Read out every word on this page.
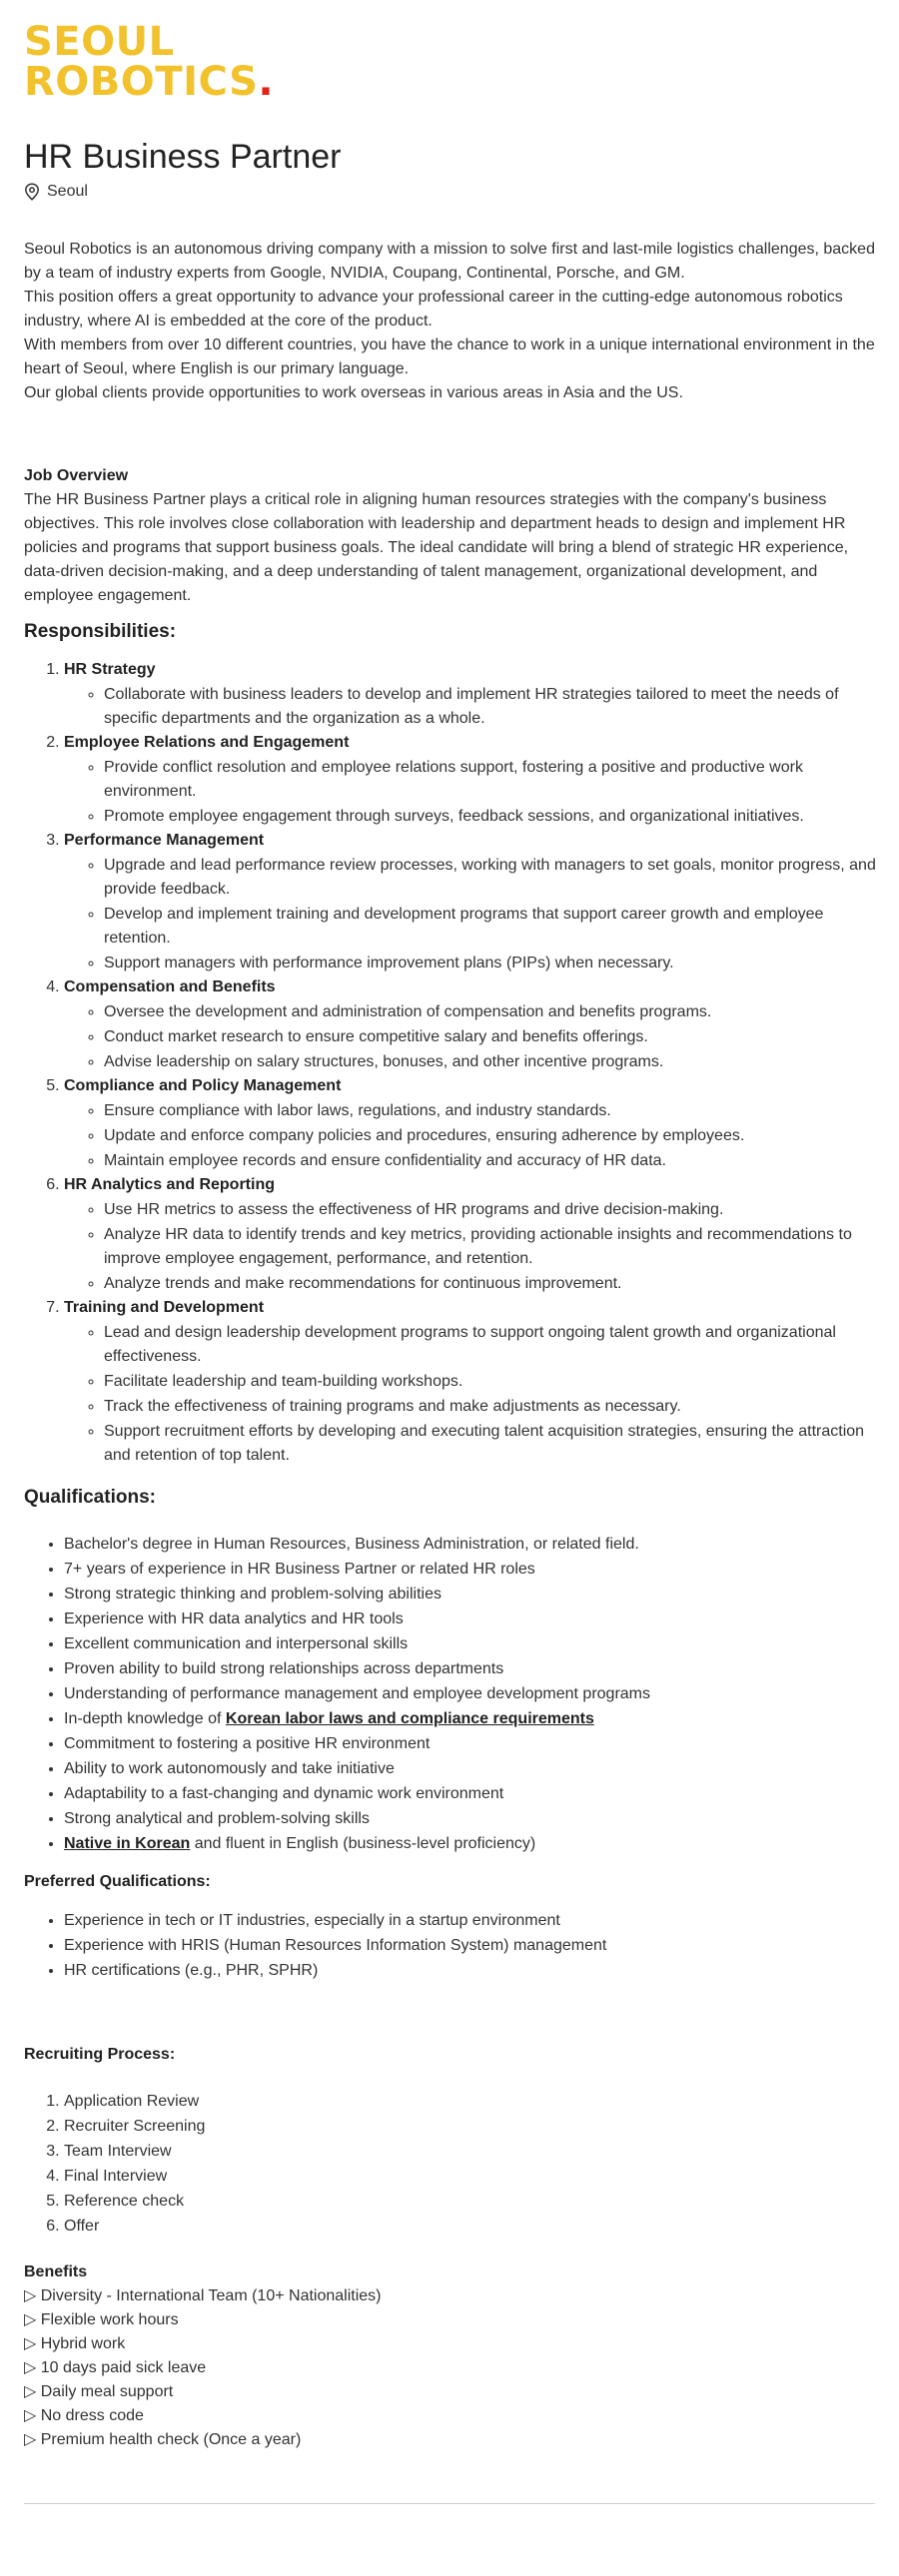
SEOUL
ROBOTICS.
HR Business Partner
Seoul

Seoul Robotics is an autonomous driving company with a mission to solve first and last-mile logistics challenges, backed by a team of industry experts from Google, NVIDIA, Coupang, Continental, Porsche, and GM.

This position offers a great opportunity to advance your professional career in the cutting-edge autonomous robotics industry, where AI is embedded at the core of the product.

With members from over 10 different countries, you have the chance to work in a unique international environment in the heart of Seoul, where English is our primary language.

Our global clients provide opportunities to work overseas in various areas in Asia and the US.

Job Overview

The HR Business Partner plays a critical role in aligning human resources strategies with the company's business objectives. This role involves close collaboration with leadership and department heads to design and implement HR policies and programs that support business goals. The ideal candidate will bring a blend of strategic HR experience, data-driven decision-making, and a deep understanding of talent management, organizational development, and employee engagement.

Responsibilities:
1. HR Strategy
◦ Collaborate with business leaders to develop and implement HR strategies tailored to meet the needs of specific departments and the organization as a whole.
2. Employee Relations and Engagement
◦ Provide conflict resolution and employee relations support, fostering a positive and productive work environment.
◦ Promote employee engagement through surveys, feedback sessions, and organizational initiatives.
3. Performance Management
◦ Upgrade and lead performance review processes, working with managers to set goals, monitor progress, and provide feedback.
◦ Develop and implement training and development programs that support career growth and employee retention.
◦ Support managers with performance improvement plans (PIPs) when necessary.
4. Compensation and Benefits
◦ Oversee the development and administration of compensation and benefits programs.
◦ Conduct market research to ensure competitive salary and benefits offerings.
◦ Advise leadership on salary structures, bonuses, and other incentive programs.
5. Compliance and Policy Management
◦ Ensure compliance with labor laws, regulations, and industry standards.
◦ Update and enforce company policies and procedures, ensuring adherence by employees.
◦ Maintain employee records and ensure confidentiality and accuracy of HR data.
6. HR Analytics and Reporting
◦ Use HR metrics to assess the effectiveness of HR programs and drive decision-making.
◦ Analyze HR data to identify trends and key metrics, providing actionable insights and recommendations to improve employee engagement, performance, and retention.
◦ Analyze trends and make recommendations for continuous improvement.
7. Training and Development
◦ Lead and design leadership development programs to support ongoing talent growth and organizational effectiveness.
◦ Facilitate leadership and team-building workshops.
◦ Track the effectiveness of training programs and make adjustments as necessary.
◦ Support recruitment efforts by developing and executing talent acquisition strategies, ensuring the attraction and retention of top talent.
Qualifications:
• Bachelor's degree in Human Resources, Business Administration, or related field.
• 7+ years of experience in HR Business Partner or related HR roles
• Strong strategic thinking and problem-solving abilities
• Experience with HR data analytics and HR tools
• Excellent communication and interpersonal skills
• Proven ability to build strong relationships across departments
• Understanding of performance management and employee development programs
• In-depth knowledge of Korean labor laws and compliance requirements
• Commitment to fostering a positive HR environment
• Ability to work autonomously and take initiative
• Adaptability to a fast-changing and dynamic work environment
• Strong analytical and problem-solving skills
• Native in Korean and fluent in English (business-level proficiency)
Preferred Qualifications:
• Experience in tech or IT industries, especially in a startup environment
• Experience with HRIS (Human Resources Information System) management
• HR certifications (e.g., PHR, SPHR)
Recruiting Process:
1. Application Review
2. Recruiter Screening
3. Team Interview
4. Final Interview
5. Reference check
6. Offer

Benefits

▷ Diversity - International Team (10+ Nationalities)

▷ Flexible work hours

▷ Hybrid work

▷ 10 days paid sick leave

▷ Daily meal support

▷ No dress code

▷ Premium health check (Once a year)
